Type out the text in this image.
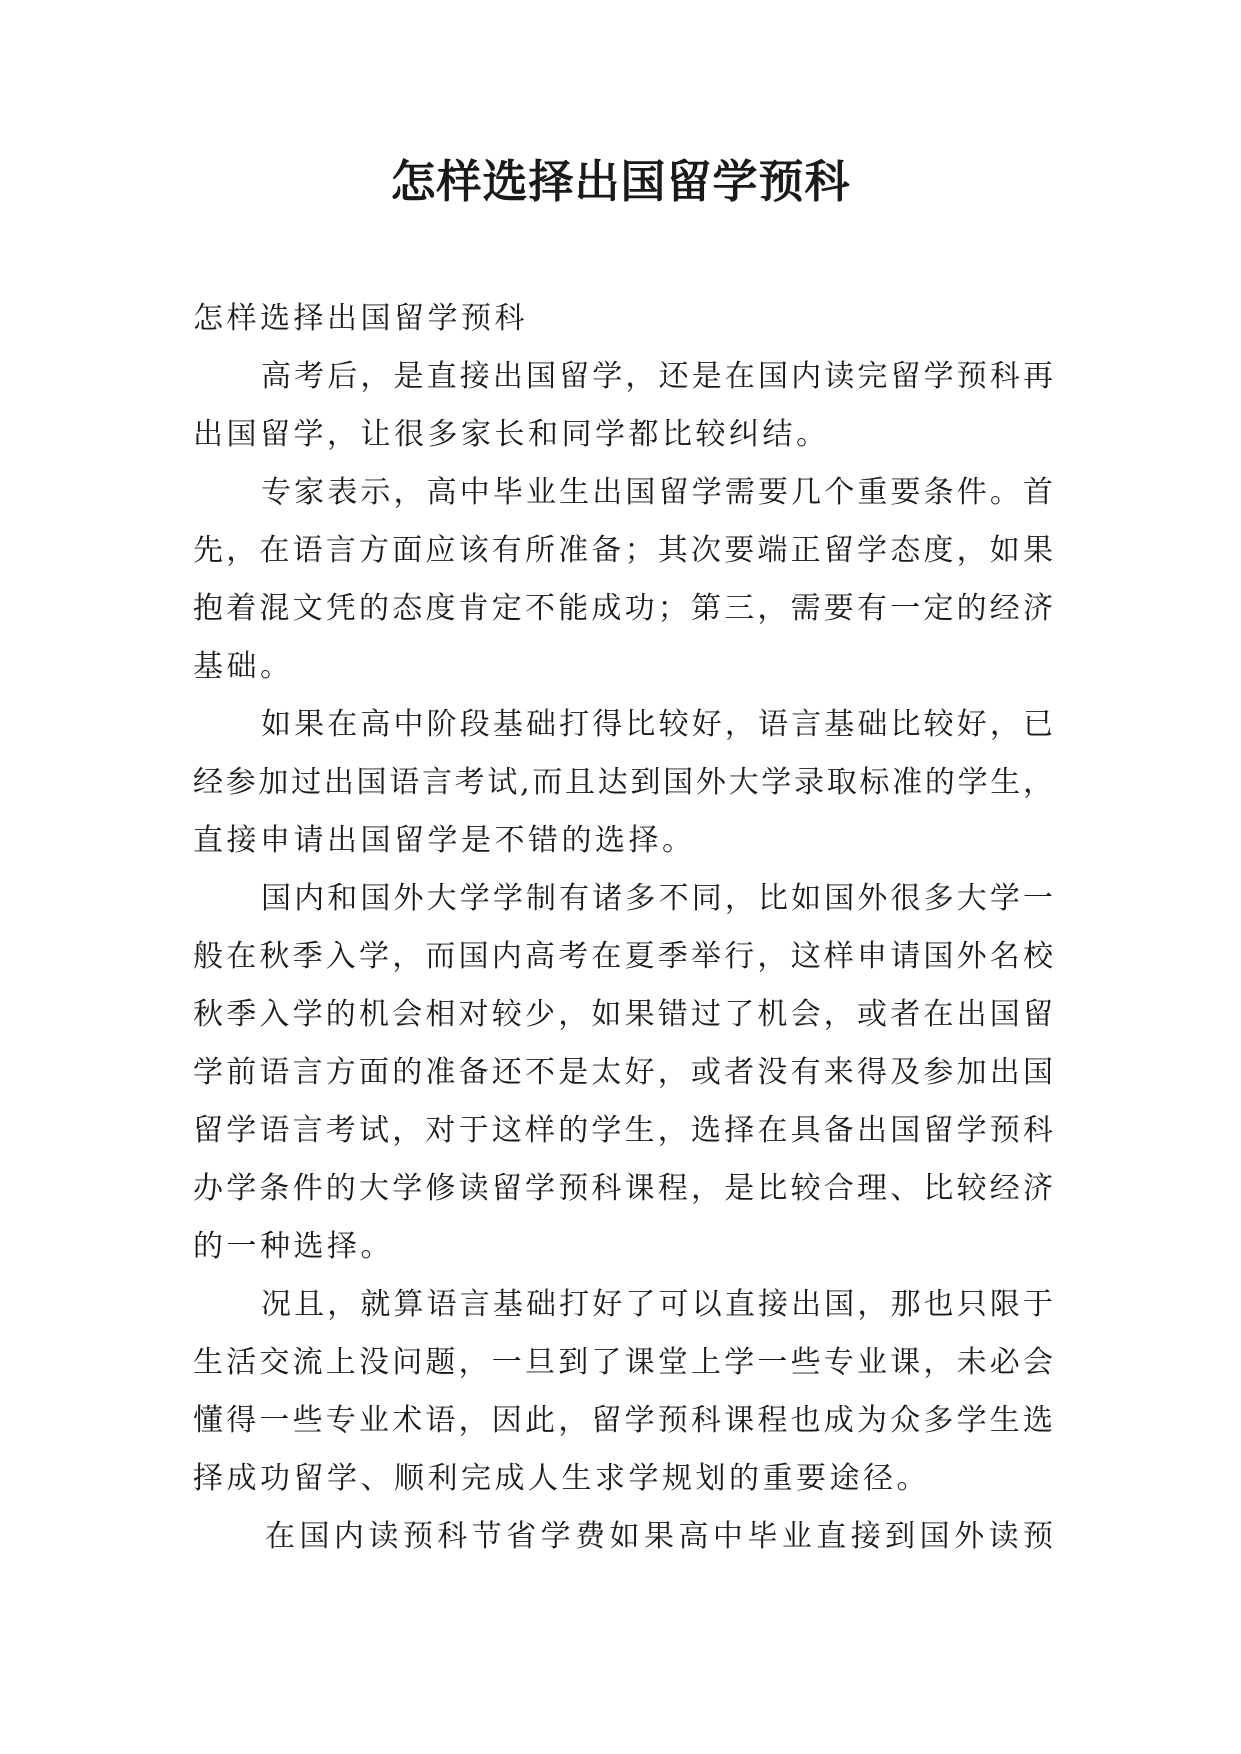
怎样选择出国留学预科
怎样选择出国留学预科
高考后，是直接出国留学，还是在国内读完留学预科再
出国留学，让很多家长和同学都比较纠结。
专家表示，高中毕业生出国留学需要几个重要条件。首
先，在语言方面应该有所准备；其次要端正留学态度，如果
抱着混文凭的态度肯定不能成功；第三，需要有一定的经济
基础。
如果在高中阶段基础打得比较好，语言基础比较好，已
经参加过出国语言考试,而且达到国外大学录取标准的学生，
直接申请出国留学是不错的选择。
国内和国外大学学制有诸多不同，比如国外很多大学一
般在秋季入学，而国内高考在夏季举行，这样申请国外名校
秋季入学的机会相对较少，如果错过了机会，或者在出国留
学前语言方面的准备还不是太好，或者没有来得及参加出国
留学语言考试，对于这样的学生，选择在具备出国留学预科
办学条件的大学修读留学预科课程，是比较合理、比较经济
的一种选择。
况且，就算语言基础打好了可以直接出国，那也只限于
生活交流上没问题，一旦到了课堂上学一些专业课，未必会
懂得一些专业术语，因此，留学预科课程也成为众多学生选
择成功留学、顺利完成人生求学规划的重要途径。
在国内读预科节省学费如果高中毕业直接到国外读预
